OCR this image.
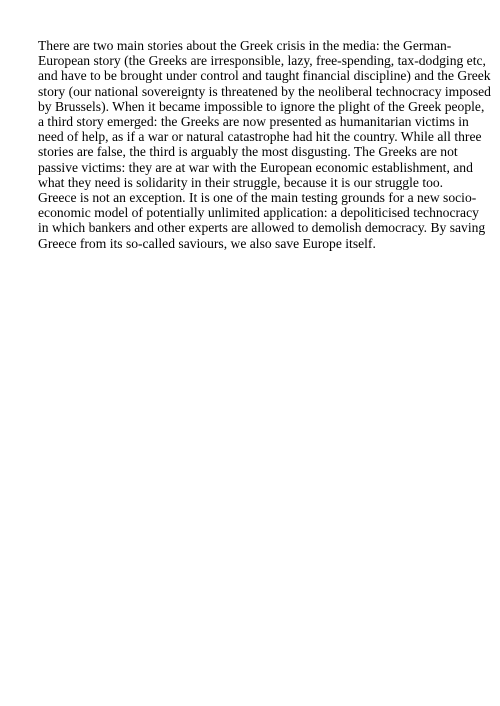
There are two main stories about the Greek crisis in the media: the German-
European story (the Greeks are irresponsible, lazy, free-spending, tax-dodging etc,
and have to be brought under control and taught financial discipline) and the Greek
story (our national sovereignty is threatened by the neoliberal technocracy imposed
by Brussels). When it became impossible to ignore the plight of the Greek people,
a third story emerged: the Greeks are now presented as humanitarian victims in
need of help, as if a war or natural catastrophe had hit the country. While all three
stories are false, the third is arguably the most disgusting. The Greeks are not
passive victims: they are at war with the European economic establishment, and
what they need is solidarity in their struggle, because it is our struggle too.
Greece is not an exception. It is one of the main testing grounds for a new socio-
economic model of potentially unlimited application: a depoliticised technocracy
in which bankers and other experts are allowed to demolish democracy. By saving
Greece from its so-called saviours, we also save Europe itself.
